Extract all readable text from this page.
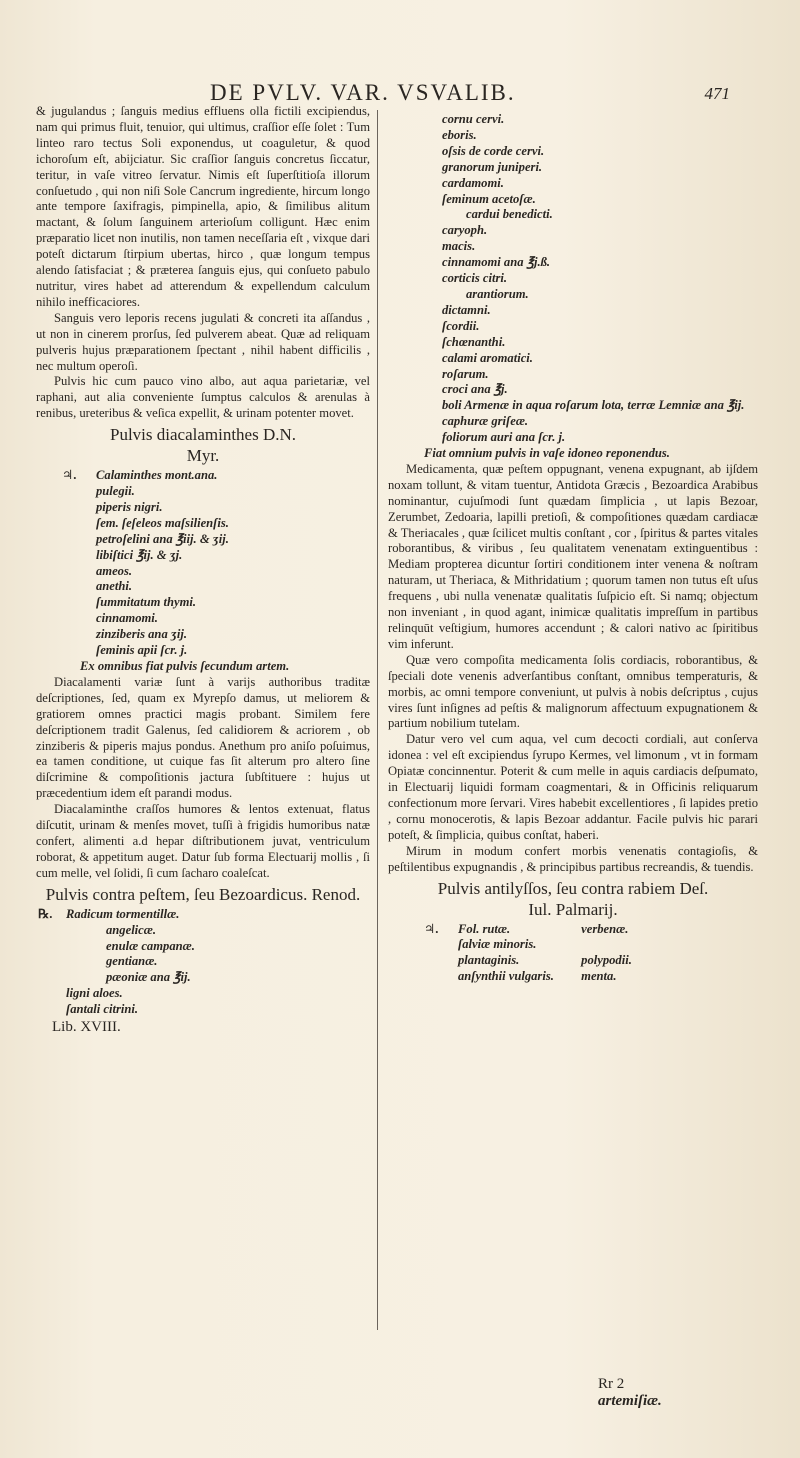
DE PVLV. VAR. VSVALIB.	471

& jugulandus ; ſanguis medius effluens olla fictili excipiendus, nam qui primus fluit, tenuior, qui ultimus, craſſior eſſe ſolet : Tum linteo raro tectus Soli exponendus, ut coaguletur, & quod ichoroſum eſt, abijciatur. Sic craſſior ſanguis concretus ſiccatur, teritur, in vaſe vitreo ſervatur. Nimis eſt ſuperſtitioſa illorum conſuetudo , qui non niſi Sole Cancrum ingrediente, hircum longo ante tempore ſaxifragis, pimpinella, apio, & ſimilibus alitum mactant, & ſolum ſanguinem arterioſum colligunt. Hæc enim præparatio licet non inutilis, non tamen neceſſaria eſt , vixque dari poteſt dictarum ſtirpium ubertas, hirco , quæ longum tempus alendo ſatisfaciat ; & præterea ſanguis ejus, qui conſueto pabulo nutritur, vires habet ad atterendum & expellendum calculum nihilo inefficaciores.

Sanguis vero leporis recens jugulati & concreti ita aſſandus , ut non in cinerem prorſus, ſed pulverem abeat. Quæ ad reliquam pulveris hujus præparationem ſpectant , nihil habent difficilis , nec multum operoſi.

Pulvis hic cum pauco vino albo, aut aqua parietariæ, vel raphani, aut alia conveniente ſumptus calculos & arenulas à renibus, ureteribus & veſica expellit, & urinam potenter movet.

Pulvis diacalaminthes D.N.
Myr.
♃.	Calaminthes mont.ana.
pulegii.
piperis nigri.
ſem. ſeſeleos maſsilienſis.
petroſelini ana ℥iij. & ʒij.
libiſtici ℥ij. & ʒj.
ameos.
anethi.
ſummitatum thymi.
cinnamomi.
zinziberis ana ʒij.
ſeminis apii ſcr. j.
Ex omnibus fiat pulvis ſecundum artem.

Diacalamenti variæ ſunt à varijs authoribus traditæ deſcriptiones, ſed, quam ex Myrepſo damus, ut meliorem & gratiorem omnes practici magis probant. Similem fere deſcriptionem tradit Galenus, ſed calidiorem & acriorem , ob zinziberis & piperis majus pondus. Anethum pro aniſo poſuimus, ea tamen conditione, ut cuique fas ſit alterum pro altero ſine diſcrimine & compoſitionis jactura ſubſtituere : hujus ut præcedentium idem eſt parandi modus.

Diacalaminthe craſſos humores & lentos extenuat, flatus diſcutit, urinam & menſes movet, tuſſi à frigidis humoribus natæ confert, alimenti a.d hepar diſtributionem juvat, ventriculum roborat, & appetitum auget. Datur ſub forma Electuarij mollis , ſi cum melle, vel ſolidi, ſi cum ſacharo coaleſcat.

Pulvis contra peſtem, ſeu Bezoardicus. Renod.
℞.	Radicum tormentillæ.
angelicæ.
enulæ campanæ.
gentianæ.
pæoniæ ana ℥ij.
ligni aloes.
ſantali citrini.
Lib. XVIII.
cornu cervi.
eboris.
oſsis de corde cervi.
granorum juniperi.
cardamomi.
ſeminum acetoſæ.
cardui benedicti.
caryoph.
macis.
cinnamomi ana ℥j.ß.
corticis citri.
arantiorum.
dictamni.
ſcordii.
ſchœnanthi.
calami aromatici.
roſarum.
croci ana ℥j.
boli Armenæ in aqua roſarum lota, terræ Lemniæ ana ℥ij.
caphuræ griſeæ.
foliorum auri ana ſcr. j.
Fiat omnium pulvis in vaſe idoneo reponendus.

Medicamenta, quæ peſtem oppugnant, venena expugnant, ab ijſdem noxam tollunt, & vitam tuentur, Antidota Græcis , Bezoardica Arabibus nominantur, cujuſmodi ſunt quædam ſimplicia , ut lapis Bezoar, Zerumbet, Zedoaria, lapilli pretioſi, & compoſitiones quædam cardiacæ & Theriacales , quæ ſcilicet multis conſtant , cor , ſpiritus & partes vitales roborantibus, & viribus , ſeu qualitatem venenatam extinguentibus : Mediam propterea dicuntur ſortiri conditionem inter venena & noſtram naturam, ut Theriaca, & Mithridatium ; quorum tamen non tutus eſt uſus frequens , ubi nulla venenatæ qualitatis ſuſpicio eſt. Si namq; objectum non inveniant , in quod agant, inimicæ qualitatis impreſſum in partibus relinquūt veſtigium, humores accendunt ; & calori nativo ac ſpiritibus vim inferunt.

Quæ vero compoſita medicamenta ſolis cordiacis, roborantibus, & ſpeciali dote venenis adverſantibus conſtant, omnibus temperaturis, & morbis, ac omni tempore conveniunt, ut pulvis à nobis deſcriptus , cujus vires ſunt inſignes ad peſtis & malignorum affectuum expugnationem & partium nobilium tutelam.

Datur vero vel cum aqua, vel cum decocti cordiali, aut conſerva idonea : vel eſt excipiendus ſyrupo Kermes, vel limonum , vt in formam Opiatæ concinnentur. Poterit & cum melle in aquis cardiacis deſpumato, in Electuarij liquidi formam coagmentari, & in Officinis reliquarum confectionum more ſervari. Vires habebit excellentiores , ſi lapides pretio , cornu monocerotis, & lapis Bezoar addantur. Facile pulvis hic parari poteſt, & ſimplicia, quibus conſtat, haberi.

Mirum in modum confert morbis venenatis contagioſis, & peſtilentibus expugnandis , & principibus partibus recreandis, & tuendis.

Pulvis antilyſſos, ſeu contra rabiem Deſ.
Iul. Palmarij.
♃.	Fol. rutæ.	verbenæ.
ſalviæ minoris.
plantaginis.	polypodii.
anſynthii vulgaris. menta.
Rr 2 artemiſiæ.
